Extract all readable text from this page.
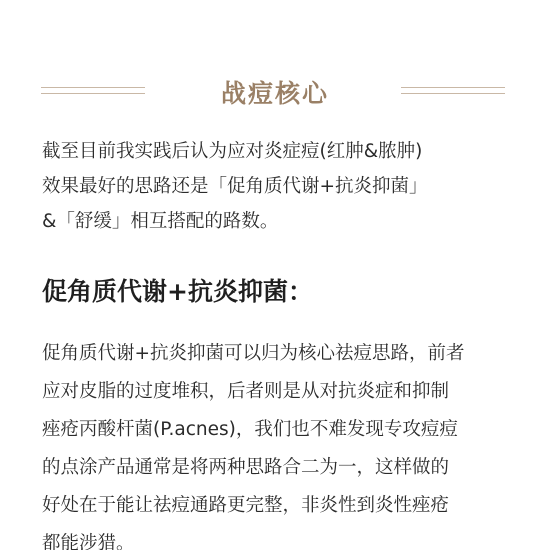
战痘核心
截至目前我实践后认为应对炎症痘(红肿&脓肿)
效果最好的思路还是「促角质代谢+抗炎抑菌」
&「舒缓」相互搭配的路数。
促角质代谢+抗炎抑菌：
促角质代谢+抗炎抑菌可以归为核心祛痘思路，前者
应对皮脂的过度堆积，后者则是从对抗炎症和抑制
痤疮丙酸杆菌(P.acnes)，我们也不难发现专攻痘痘
的点涂产品通常是将两种思路合二为一，这样做的
好处在于能让祛痘通路更完整，非炎性到炎性痤疮
都能涉猎。
